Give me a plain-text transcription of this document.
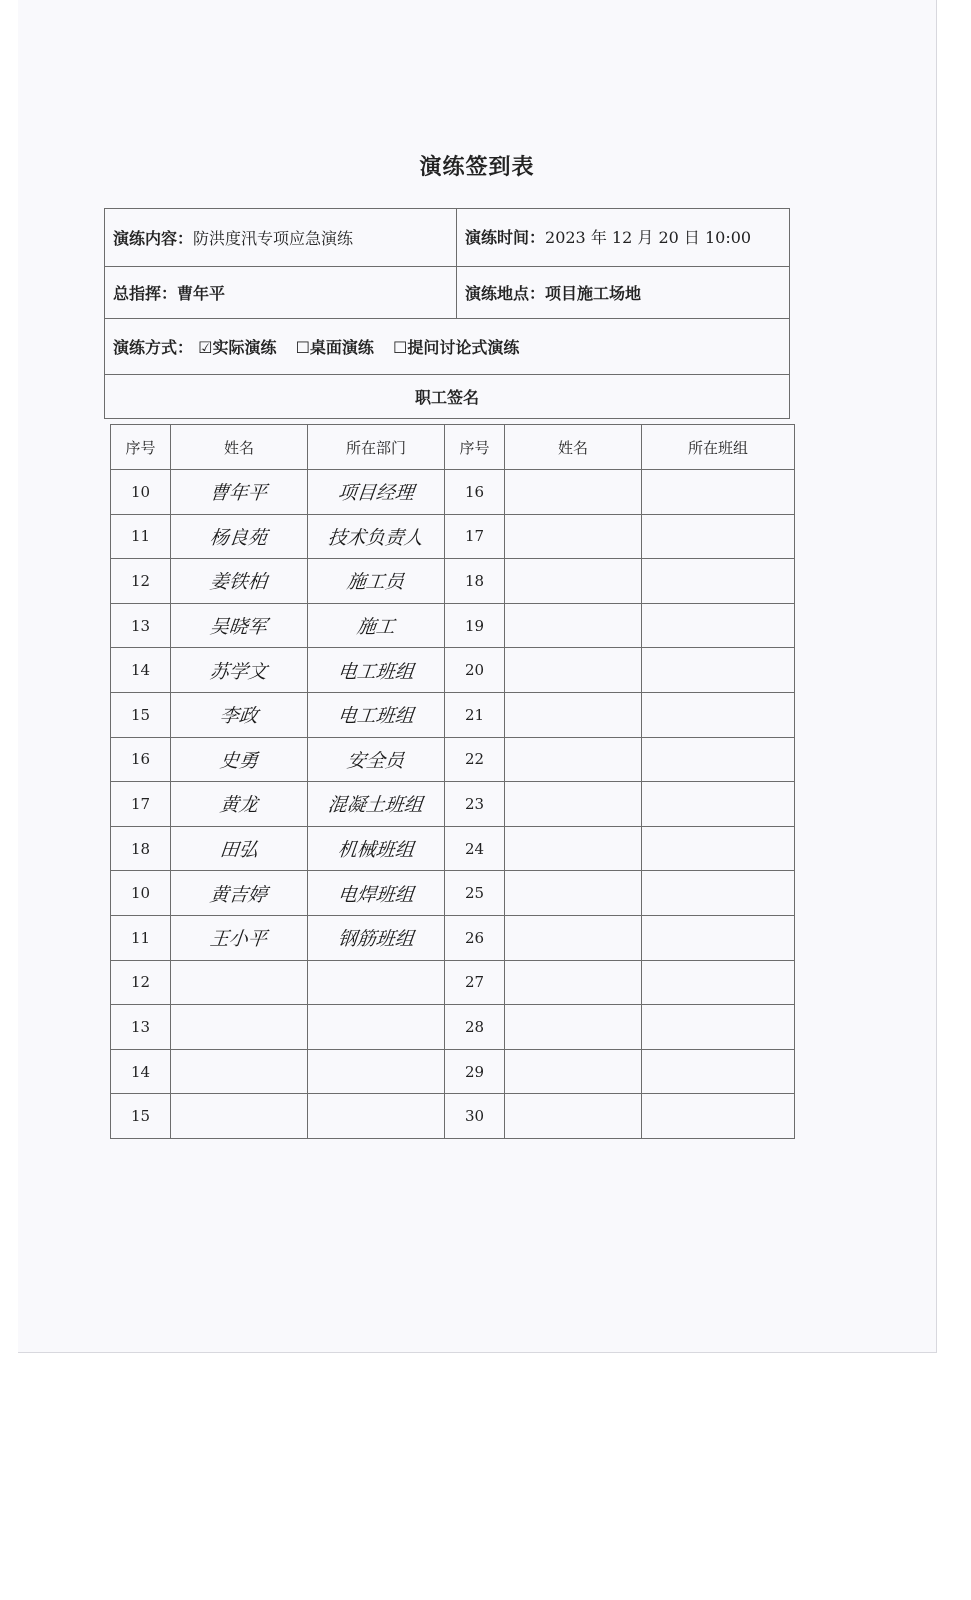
演练签到表
演练内容：防洪度汛专项应急演练	演练时间：2023 年 12 月 20 日 10:00
总指挥：曹年平	演练地点：项目施工场地
演练方式： ☑实际演练 ☐桌面演练 ☐提问讨论式演练	
职工签名	
序号	姓名	所在部门	序号	姓名	所在班组
10	曹年平	项目经理	16		
11	杨良苑	技术负责人	17		
12	姜铁柏	施工员	18		
13	吴晓军	施工	19		
14	苏学文	电工班组	20		
15	李政	电工班组	21		
16	史勇	安全员	22		
17	黄龙	混凝土班组	23		
18	田弘	机械班组	24		
10	黄吉婷	电焊班组	25		
11	王小平	钢筋班组	26		
12			27		
13			28		
14			29		
15			30		
